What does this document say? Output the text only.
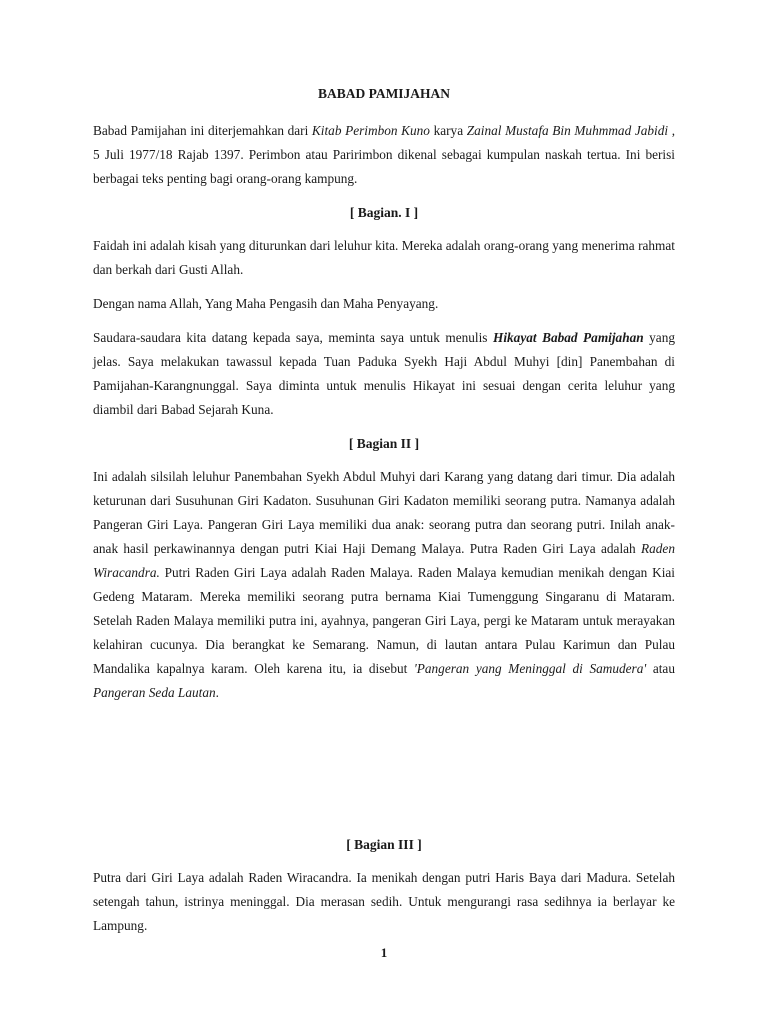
BABAD PAMIJAHAN

Babad Pamijahan ini diterjemahkan dari Kitab Perimbon Kuno karya Zainal Mustafa Bin Muhmmad Jabidi , 5 Juli 1977/18 Rajab 1397. Perimbon atau Paririmbon dikenal sebagai kumpulan naskah tertua. Ini berisi berbagai teks penting bagi orang-orang kampung.

[ Bagian. I ]

Faidah ini adalah kisah yang diturunkan dari leluhur kita. Mereka adalah orang-orang yang menerima rahmat dan berkah dari Gusti Allah.

Dengan nama Allah, Yang Maha Pengasih dan Maha Penyayang.

Saudara-saudara kita datang kepada saya, meminta saya untuk menulis Hikayat Babad Pamijahan yang jelas. Saya melakukan tawassul kepada Tuan Paduka Syekh Haji Abdul Muhyi [din] Panembahan di Pamijahan-Karangnunggal. Saya diminta untuk menulis Hikayat ini sesuai dengan cerita leluhur yang diambil dari Babad Sejarah Kuna.

[ Bagian II ]

Ini adalah silsilah leluhur Panembahan Syekh Abdul Muhyi dari Karang yang datang dari timur. Dia adalah keturunan dari Susuhunan Giri Kadaton. Susuhunan Giri Kadaton memiliki seorang putra. Namanya adalah Pangeran Giri Laya. Pangeran Giri Laya memiliki dua anak: seorang putra dan seorang putri. Inilah anak-anak hasil perkawinannya dengan putri Kiai Haji Demang Malaya. Putra Raden Giri Laya adalah Raden Wiracandra. Putri Raden Giri Laya adalah Raden Malaya. Raden Malaya kemudian menikah dengan Kiai Gedeng Mataram. Mereka memiliki seorang putra bernama Kiai Tumenggung Singaranu di Mataram. Setelah Raden Malaya memiliki putra ini, ayahnya, pangeran Giri Laya, pergi ke Mataram untuk merayakan kelahiran cucunya. Dia berangkat ke Semarang. Namun, di lautan antara Pulau Karimun dan Pulau Mandalika kapalnya karam. Oleh karena itu, ia disebut 'Pangeran yang Meninggal di Samudera' atau Pangeran Seda Lautan.

[ Bagian III ]

Putra dari Giri Laya adalah Raden Wiracandra. Ia menikah dengan putri Haris Baya dari Madura. Setelah setengah tahun, istrinya meninggal. Dia merasan sedih. Untuk mengurangi rasa sedihnya ia berlayar ke Lampung.

1
